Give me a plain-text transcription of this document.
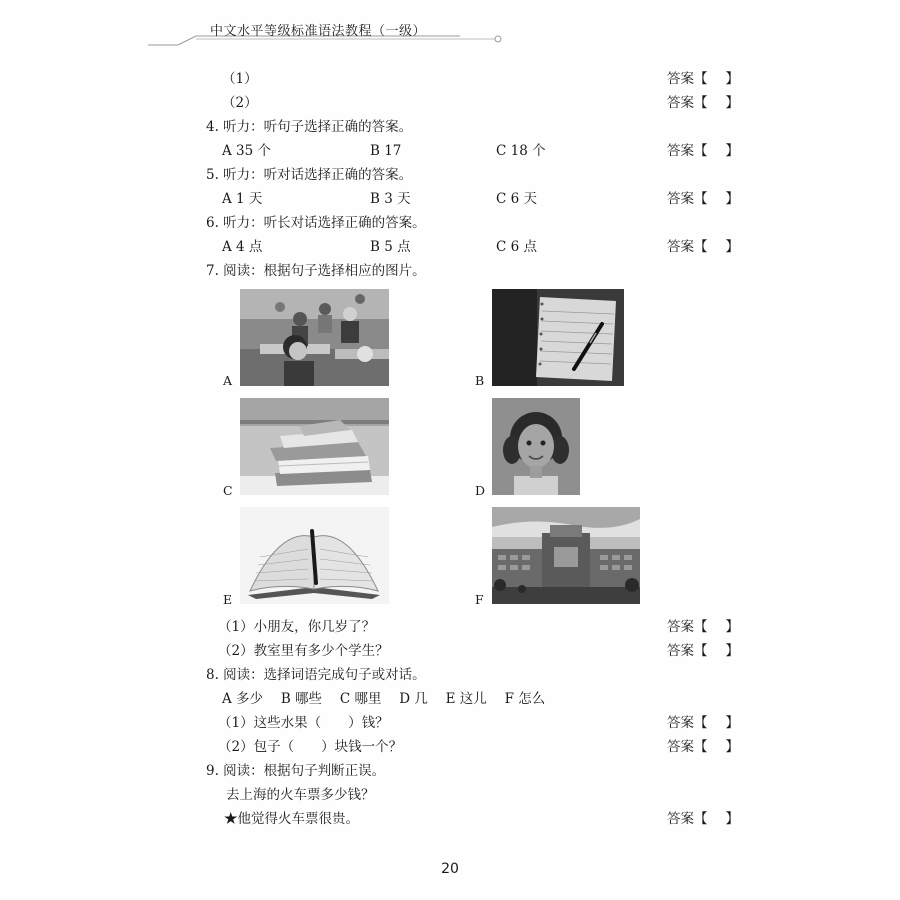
中文水平等级标准语法教程（一级）
（1）	答案【 】
（2）	答案【 】
4. 听力：听句子选择正确的答案。
A 35 个	B 17	C 18 个	答案【 】
5. 听力：听对话选择正确的答案。
A 1 天	B 3 天	C 6 天	答案【 】
6. 听力：听长对话选择正确的答案。
A 4 点	B 5 点	C 6 点	答案【 】
7. 阅读：根据句子选择相应的图片。
A	B
C	D
E	F
（1）小朋友，你几岁了？	答案【 】
（2）教室里有多少个学生？	答案【 】
8. 阅读：选择词语完成句子或对话。
A 多少　 B 哪些　 C 哪里　 D 几　 E 这儿　 F 怎么
（1）这些水果（　　）钱？	答案【 】
（2）包子（　　）块钱一个？	答案【 】
9. 阅读：根据句子判断正误。
去上海的火车票多少钱？
★他觉得火车票很贵。	答案【 】
20
